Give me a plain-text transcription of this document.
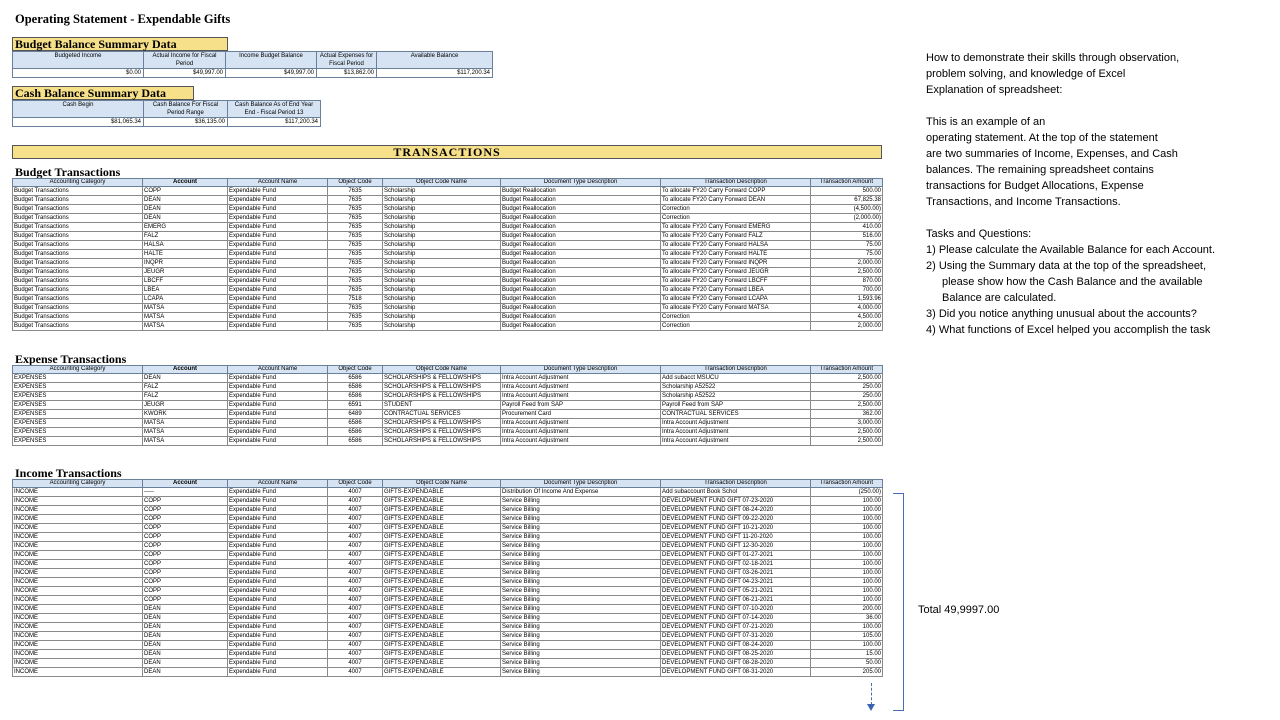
Operating Statement - Expendable Gifts
Budget Balance Summary Data
Budgeted Income	Actual Income for Fiscal Period	Income Budget Balance	Actual Expenses for Fiscal Period	Available Balance
$0.00	$49,997.00	$49,997.00	$13,862.00	$117,200.34
Cash Balance Summary Data
Cash Begin	Cash Balance For Fiscal Period Range	Cash Balance As of End Year End - Fiscal Period 13
$81,065.34	$36,135.00	$117,200.34
TRANSACTIONS
Budget Transactions
Accounting Category	Account	Account Name	Object Code	Object Code Name	Document Type Description	Transaction Description	Transaction Amount
Budget Transactions	COPP	Expendable Fund	7635	Scholarship	Budget Reallocation	To allocate FY20 Carry Forward COPP	500.00
Budget Transactions	DEAN	Expendable Fund	7635	Scholarship	Budget Reallocation	To allocate FY20 Carry Forward DEAN	67,825.38
Budget Transactions	DEAN	Expendable Fund	7635	Scholarship	Budget Reallocation	Correction	(4,500.00)
Budget Transactions	DEAN	Expendable Fund	7635	Scholarship	Budget Reallocation	Correction	(2,000.00)
Budget Transactions	EMERG	Expendable Fund	7635	Scholarship	Budget Reallocation	To allocate FY20 Carry Forward EMERG	410.00
Budget Transactions	FALZ	Expendable Fund	7635	Scholarship	Budget Reallocation	To allocate FY20 Carry Forward FALZ	516.00
Budget Transactions	HALSA	Expendable Fund	7635	Scholarship	Budget Reallocation	To allocate FY20 Carry Forward HALSA	75.00
Budget Transactions	HALTE	Expendable Fund	7635	Scholarship	Budget Reallocation	To allocate FY20 Carry Forward HALTE	75.00
Budget Transactions	INQPR	Expendable Fund	7635	Scholarship	Budget Reallocation	To allocate FY20 Carry Forward INQPR	2,000.00
Budget Transactions	JEUGR	Expendable Fund	7635	Scholarship	Budget Reallocation	To allocate FY20 Carry Forward JEUGR	2,500.00
Budget Transactions	LBCFF	Expendable Fund	7635	Scholarship	Budget Reallocation	To allocate FY20 Carry Forward LBCFF	870.00
Budget Transactions	LBEA	Expendable Fund	7635	Scholarship	Budget Reallocation	To allocate FY20 Carry Forward LBEA	700.00
Budget Transactions	LCAPA	Expendable Fund	7518	Scholarship	Budget Reallocation	To allocate FY20 Carry Forward LCAPA	1,593.96
Budget Transactions	MATSA	Expendable Fund	7635	Scholarship	Budget Reallocation	To allocate FY20 Carry Forward MATSA	4,000.00
Budget Transactions	MATSA	Expendable Fund	7635	Scholarship	Budget Reallocation	Correction	4,500.00
Budget Transactions	MATSA	Expendable Fund	7635	Scholarship	Budget Reallocation	Correction	2,000.00
Expense Transactions
Accounting Category	Account	Account Name	Object Code	Object Code Name	Document Type Description	Transaction Description	Transaction Amount
EXPENSES	DEAN	Expendable Fund	6586	SCHOLARSHIPS & FELLOWSHIPS	Intra Account Adjustment	Add subacct MSUCU	2,500.00
EXPENSES	FALZ	Expendable Fund	6586	SCHOLARSHIPS & FELLOWSHIPS	Intra Account Adjustment	Scholarship A52522	250.00
EXPENSES	FALZ	Expendable Fund	6586	SCHOLARSHIPS & FELLOWSHIPS	Intra Account Adjustment	Scholarship A52522	250.00
EXPENSES	JEUGR	Expendable Fund	6591	STUDENT	Payroll Feed from SAP	Payroll Feed from SAP	2,500.00
EXPENSES	KWORK	Expendable Fund	6489	CONTRACTUAL SERVICES	Procurement Card	CONTRACTUAL SERVICES	362.00
EXPENSES	MATSA	Expendable Fund	6586	SCHOLARSHIPS & FELLOWSHIPS	Intra Account Adjustment	Intra Account Adjustment	3,000.00
EXPENSES	MATSA	Expendable Fund	6586	SCHOLARSHIPS & FELLOWSHIPS	Intra Account Adjustment	Intra Account Adjustment	2,500.00
EXPENSES	MATSA	Expendable Fund	6586	SCHOLARSHIPS & FELLOWSHIPS	Intra Account Adjustment	Intra Account Adjustment	2,500.00
Income Transactions
Accounting Category	Account	Account Name	Object Code	Object Code Name	Document Type Description	Transaction Description	Transaction Amount
INCOME	-----	Expendable Fund	4007	GIFTS-EXPENDABLE	Distribution Of Income And Expense	Add subaccount Book Schol	(250.00)
INCOME	COPP	Expendable Fund	4007	GIFTS-EXPENDABLE	Service Billing	DEVELOPMENT FUND GIFT 07-23-2020	100.00
INCOME	COPP	Expendable Fund	4007	GIFTS-EXPENDABLE	Service Billing	DEVELOPMENT FUND GIFT 08-24-2020	100.00
INCOME	COPP	Expendable Fund	4007	GIFTS-EXPENDABLE	Service Billing	DEVELOPMENT FUND GIFT 09-22-2020	100.00
INCOME	COPP	Expendable Fund	4007	GIFTS-EXPENDABLE	Service Billing	DEVELOPMENT FUND GIFT 10-21-2020	100.00
INCOME	COPP	Expendable Fund	4007	GIFTS-EXPENDABLE	Service Billing	DEVELOPMENT FUND GIFT 11-20-2020	100.00
INCOME	COPP	Expendable Fund	4007	GIFTS-EXPENDABLE	Service Billing	DEVELOPMENT FUND GIFT 12-30-2020	100.00
INCOME	COPP	Expendable Fund	4007	GIFTS-EXPENDABLE	Service Billing	DEVELOPMENT FUND GIFT 01-27-2021	100.00
INCOME	COPP	Expendable Fund	4007	GIFTS-EXPENDABLE	Service Billing	DEVELOPMENT FUND GIFT 02-18-2021	100.00
INCOME	COPP	Expendable Fund	4007	GIFTS-EXPENDABLE	Service Billing	DEVELOPMENT FUND GIFT 03-26-2021	100.00
INCOME	COPP	Expendable Fund	4007	GIFTS-EXPENDABLE	Service Billing	DEVELOPMENT FUND GIFT 04-23-2021	100.00
INCOME	COPP	Expendable Fund	4007	GIFTS-EXPENDABLE	Service Billing	DEVELOPMENT FUND GIFT 05-21-2021	100.00
INCOME	COPP	Expendable Fund	4007	GIFTS-EXPENDABLE	Service Billing	DEVELOPMENT FUND GIFT 06-21-2021	100.00
INCOME	DEAN	Expendable Fund	4007	GIFTS-EXPENDABLE	Service Billing	DEVELOPMENT FUND GIFT 07-10-2020	200.00
INCOME	DEAN	Expendable Fund	4007	GIFTS-EXPENDABLE	Service Billing	DEVELOPMENT FUND GIFT 07-14-2020	36.00
INCOME	DEAN	Expendable Fund	4007	GIFTS-EXPENDABLE	Service Billing	DEVELOPMENT FUND GIFT 07-21-2020	100.00
INCOME	DEAN	Expendable Fund	4007	GIFTS-EXPENDABLE	Service Billing	DEVELOPMENT FUND GIFT 07-31-2020	105.00
INCOME	DEAN	Expendable Fund	4007	GIFTS-EXPENDABLE	Service Billing	DEVELOPMENT FUND GIFT 08-24-2020	100.00
INCOME	DEAN	Expendable Fund	4007	GIFTS-EXPENDABLE	Service Billing	DEVELOPMENT FUND GIFT 08-25-2020	15.00
INCOME	DEAN	Expendable Fund	4007	GIFTS-EXPENDABLE	Service Billing	DEVELOPMENT FUND GIFT 08-28-2020	50.00
INCOME	DEAN	Expendable Fund	4007	GIFTS-EXPENDABLE	Service Billing	DEVELOPMENT FUND GIFT 08-31-2020	205.00
How to demonstrate their skills through observation,
problem solving, and knowledge of Excel
Explanation of spreadsheet:
This is an example of an
operating statement. At the top of the statement
are two summaries of Income, Expenses, and Cash
balances. The remaining spreadsheet contains
transactions for Budget Allocations, Expense
Transactions, and Income Transactions.
Tasks and Questions:
1) Please calculate the Available Balance for each Account.
2) Using the Summary data at the top of the spreadsheet,
please show how the Cash Balance and the available
Balance are calculated.
3) Did you notice anything unusual about the accounts?
4) What functions of Excel helped you accomplish the task
Total 49,9997.00
